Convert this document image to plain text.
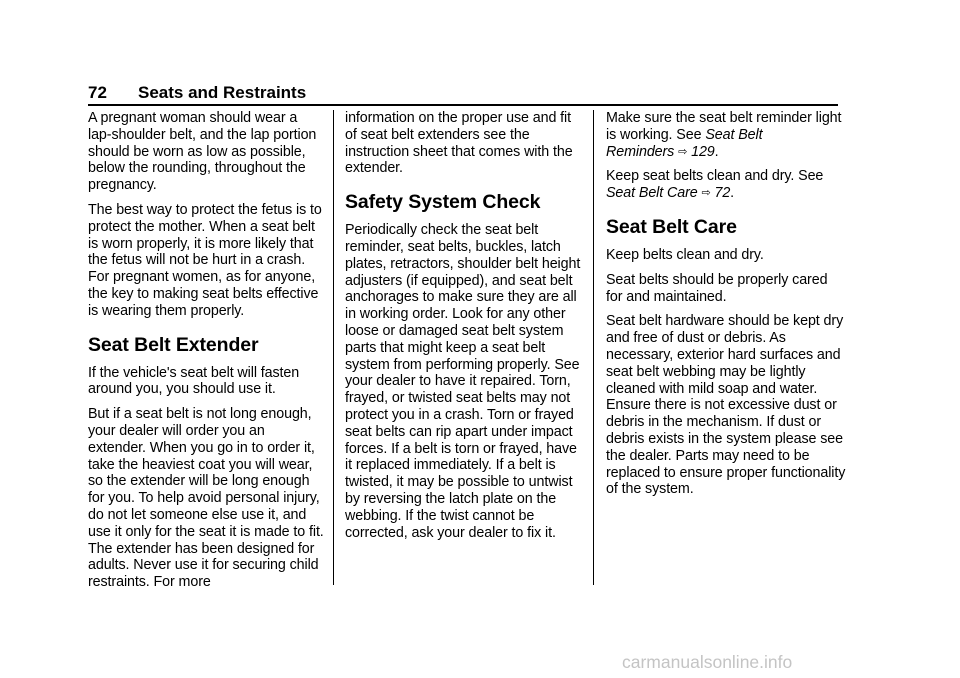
72 Seats and Restraints

A pregnant woman should wear a lap-shoulder belt, and the lap portion should be worn as low as possible, below the rounding, throughout the pregnancy.

The best way to protect the fetus is to protect the mother. When a seat belt is worn properly, it is more likely that the fetus will not be hurt in a crash. For pregnant women, as for anyone, the key to making seat belts effective is wearing them properly.

Seat Belt Extender

If the vehicle's seat belt will fasten around you, you should use it.

But if a seat belt is not long enough, your dealer will order you an extender. When you go in to order it, take the heaviest coat you will wear, so the extender will be long enough for you. To help avoid personal injury, do not let someone else use it, and use it only for the seat it is made to fit. The extender has been designed for adults. Never use it for securing child restraints. For more

information on the proper use and fit of seat belt extenders see the instruction sheet that comes with the extender.

Safety System Check

Periodically check the seat belt reminder, seat belts, buckles, latch plates, retractors, shoulder belt height adjusters (if equipped), and seat belt anchorages to make sure they are all in working order. Look for any other loose or damaged seat belt system parts that might keep a seat belt system from performing properly. See your dealer to have it repaired. Torn, frayed, or twisted seat belts may not protect you in a crash. Torn or frayed seat belts can rip apart under impact forces. If a belt is torn or frayed, have it replaced immediately. If a belt is twisted, it may be possible to untwist by reversing the latch plate on the webbing. If the twist cannot be corrected, ask your dealer to fix it.

Make sure the seat belt reminder light is working. See Seat Belt Reminders ⇨ 129.

Keep seat belts clean and dry. See Seat Belt Care ⇨ 72.

Seat Belt Care

Keep belts clean and dry.

Seat belts should be properly cared for and maintained.

Seat belt hardware should be kept dry and free of dust or debris. As necessary, exterior hard surfaces and seat belt webbing may be lightly cleaned with mild soap and water. Ensure there is not excessive dust or debris in the mechanism. If dust or debris exists in the system please see the dealer. Parts may need to be replaced to ensure proper functionality of the system.

carmanualsonline.info
